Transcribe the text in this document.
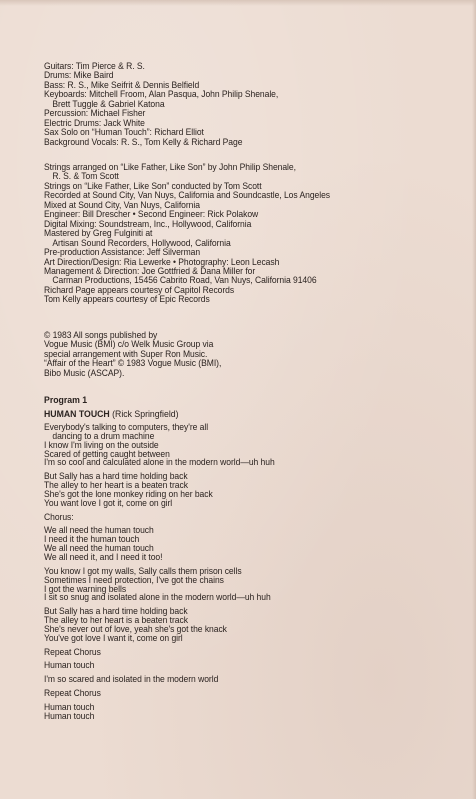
Guitars: Tim Pierce & R. S.
Drums: Mike Baird
Bass: R. S., Mike Seifrit & Dennis Belfield
Keyboards: Mitchell Froom, Alan Pasqua, John Philip Shenale,
Brett Tuggle & Gabriel Katona
Percussion: Michael Fisher
Electric Drums: Jack White
Sax Solo on “Human Touch”: Richard Elliot
Background Vocals: R. S., Tom Kelly & Richard Page
Strings arranged on “Like Father, Like Son” by John Philip Shenale,
R. S. & Tom Scott
Strings on “Like Father, Like Son” conducted by Tom Scott
Recorded at Sound City, Van Nuys, California and Soundcastle, Los Angeles
Mixed at Sound City, Van Nuys, California
Engineer: Bill Drescher • Second Engineer: Rick Polakow
Digital Mixing: Soundstream, Inc., Hollywood, California
Mastered by Greg Fulginiti at
Artisan Sound Recorders, Hollywood, California
Pre-production Assistance: Jeff Silverman
Art Direction/Design: Ria Lewerke • Photography: Leon Lecash
Management & Direction: Joe Gottfried & Dana Miller for
Carman Productions, 15456 Cabrito Road, Van Nuys, California 91406
Richard Page appears courtesy of Capitol Records
Tom Kelly appears courtesy of Epic Records
© 1983 All songs published by
Vogue Music (BMI) c/o Welk Music Group via
special arrangement with Super Ron Music.
“Affair of the Heart” © 1983 Vogue Music (BMI),
Bibo Music (ASCAP).
Program 1
HUMAN TOUCH (Rick Springfield)
Everybody's talking to computers, they're all
dancing to a drum machine
I know I'm living on the outside
Scared of getting caught between
I'm so cool and calculated alone in the modern world—uh huh
But Sally has a hard time holding back
The alley to her heart is a beaten track
She's got the lone monkey riding on her back
You want love I got it, come on girl
Chorus:
We all need the human touch
I need it the human touch
We all need the human touch
We all need it, and I need it too!
You know I got my walls, Sally calls them prison cells
Sometimes I need protection, I've got the chains
I got the warning bells
I sit so snug and isolated alone in the modern world—uh huh
But Sally has a hard time holding back
The alley to her heart is a beaten track
She's never out of love, yeah she's got the knack
You've got love I want it, come on girl
Repeat Chorus
Human touch
I'm so scared and isolated in the modern world
Repeat Chorus
Human touch
Human touch
